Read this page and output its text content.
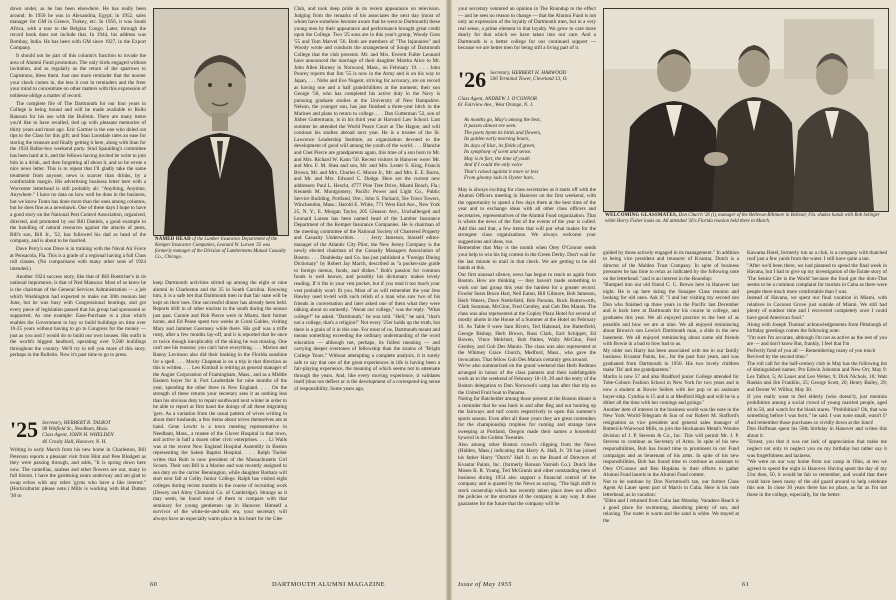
down under, as he has been elsewhere. He has really been around: In 1950 he was in Alexandria, Egypt; in 1952, sales manager for GM in Greece, Turkey, etc. In 1956, it was South Africa, with a tour to the Belgian Congo. Later, through the record book does not include that. In 1944, his address was Bombay, India. He has been with GM since 1927, in the Export Company.

It should not be part of this column's function to invade the area of Alumni Fund promotion. The only birds engaged without invitation, and as regularly as the return of the sparrows to Capistrano, bless them. Just one more reminder that the nooner your check comes in, the less it cost in reminders and the freer your mind to concentrate on other matters with this expression of noblesse oblige a matter of record.

The complete file of The Dartmouth for our four years in College is being bound and will be made available to Rollo Ransom for his use with the Bulletin. There are many items you'd like to have recalled, tied up with pleasant memories of thirty years and more ago. Eric Gartner is the one who doled out tips to the Class for this gift; and Stan Lonsdale rates an ease for storing the treasure and finally getting it here, along with Stan for the 1924 Ballot-box weekend party. Stud Spaulding's committee has been hard at it, and the fellows having invited be write to join him in a drink, and then forgetting all about it, and so he wrote a nice news letter. This is to repeat that I'll gladly take the same treatment from anyone; news is scarcer than drinks, by a comfortable margin. His advertising business letter here with a Worcester letterhead is still probably ah: "Anything, Anytime, Anywhere." I have no data on how well he does in the business, but we know Tonto has done more than the ones among columns, but he does fine as a newshawk. One of these days I hope to have a good story on the National Pest Control Association, organized, directed, and promoted by our Bill Daniels, a good example in the handling of natural resources against the attacks of pests, Bill's son, Bill Jr., '52, has followed his dad as head of the company, and is about to be married.

Dave Perry's son Dave is in training with the Naval Air Force at Pensacola, Fla. This is a grade of a regional having a full Class roll classes. (No comparisons with many other sons of 1924 intended.)

Another 1924 success story, like that of Bill Boettcher's in its national importance, is that of Ned Mansour. Most of us knew he is the chairman of the General Services Administration — a job which Washington had expected to make out 30th reunion last June, but he was busy with Congressional hearings, and got every piece of legislation passed that his group had sponsored or supported. As one example: Ease-Purchase is a plan which enables the Government to buy or build buildings on time over 10-25 years without having to go to Congress for the money — just as you and I would do to build our own houses. His outfit is the world's biggest landlord, operating over 9,500 buildings throughout the country. We'll try to tell you more of this story, perhaps in the Bulletin. Now it's past time to go to press.

'25 Secretary, HERBERT R. TALBOT
98 Winfield St., Needham, Mass.
Class Agent, JOHN H. WHELDEN
46 Crosby Hall, Hanover, N. H.

Writing in early March from his new home in Charleston, Bill Peterson reports a pleasant visit from Hint and Pete Blodgett as they were passing through, and adds, "It is spring down here now. The camellias, azaleas and other flowers are out, many in full bloom. I have the gardening nears underway and am glad to swap echos with any other 'gyms who have a like interest." (Horticulturist please note.) Mills is working with Bud Dutton '30 to

NAMED HEAD of the Lumber Insurance Department of the Kemper Insurance Companies, Leonard W. Larsen '25 was formerly manager of the Division of Lumbermens Mutual Casualty Co., Chicago.

keep Dartmouth activities stirred up among the eight or nine alumni in Charleston and the 35 in South Carolina. Knowing him, it is a safe bet that Dartmouth men in that fair state will be kept on their toes. One successful dinner has already been held. Reports drift in of other tourists in the south during the season just past. Connie and Bob Pierce were in Miami, their former home, and Ed Pease spent two weeks at Coral Gables, visiting Mary and Jammer Guernsey while there. His golf was a trifle rusty, after a few months lay-off, and it is reported that he once or twice though inexplicably of the skiing he was missing. One can't see his reasons; you can't have everything. . . . Marion and Ranny Levinson also did their basking in the Florida sunshine for a spell. . . . Monty Chapman is on a trip in that direction as this is written. . . . Leo Kimball is retiring as general manager of the Angier Corporation of Framingham, Mass., and as a Middle Eastern buyer for it. Fort Lauderdale for nine months of the year, spending the other three in New England. . . . On the strength of these returns your secretary sees it as nothing less than his obvious duty to repair southward next winter in order to be able to report at first hand the doings of all these migrating 'gers. As a variation from the usual pattern of wives writing in about their husbands, a few items about wives themselves are at hand. Gene Lewitt is a town meeting representative in Needham, Mass., a trustee of the Glover Hospital in that town, and active in half a dozen other civic enterprises. . . . Li Walls was at the recent New England Hospital Assembly in Boston representing the Salem Baptist Hospital. . . . Ralph Tucker writes that Ruth is now president of the Massachusetts Girl Scouts. Their son Bill is a Marine and was recently assigned to sea duty on the carrier Bennington, while daughter Barbara will start next fall at Colby Junior College. Ralph has visited eight colleges during recent months in the course of recruiting work (Dewey and Almy Chemical Co. of Cambridge). Strange as it may seem, he found none of them to compare with that seminary for young gentlemen up in Hanover. Himself a survivor of the white-tie-and-tails era, your secretary will always have an especially warm place in his heart for the Glee

Club, and took deep pride in its recent appearance on television. Judging from the remarks of his associates the next day (most of whom have somehow become aware that he went to Dartmouth) these young men by their appearance and performance brought great credit upon the College. Two '25 sons are in this year's group, Woody Goss '55 and Tom Marvel '56. Both are members of "The Injunaires" and Woody wrote and conducts the arrangement of Songs of Dartmouth College that the club presents. Mr. and Mrs. Everett Fuller Leonard have announced the marriage of their daughter Martha Alice to Mr. John Allen Hurney in Norwood, Mass., on February 19. . . . John Poorey reports that Jim '55 is now in the Army and is on his way to Japan, . . . Nobs and Eve Nugent, striving for accuracy, are on record as having one and a half grandchildren at the moment; their son George '50, who has completed his active duty in the Navy is pursuing graduate studies at the University of New Hampshire. Nelson, the younger son, has just finished a three-year hitch in the Marines and plans to return to college. . . . Dan Gutterman '52, son of Jibber Guttermann, is in his third year at Harvard Law School. Last summer he attended the World Peace Court at The Hague; and will continue his studies abroad next year. He is a trustee of the St. Lawrence Leadership Institute, an organization devoted to the development of good will among the youth of the world. . . . Blanche and Chet Pierce are grandparents again, this time of a son born to Mr. and Mrs. Richard W. Kann '50. Recent visitors in Hanover were: Mr. and Mrs. F. M. Shea and son, Mr. and Mrs. Lester S. King, Francis Brown, Mr. and Mrs. Charles C. Moore Jr., Mr. and Mrs. E. E. Burns, and Mr. and Mrs. Edward C. Dodge. Here are the current new addresses: Paul L. Hescht, 4777 Pine Tree Drive, Miami Beach, Fla.; Kenneth M. Montgomery, Pacific Power and Light Co., Public Service Building, Portland, Ore.; John S. Packard, Tee Town Towers, Winchendon, Mass.; Harold E. White, 771 West End Ave., New York 25, N. Y.; E. Morgan Taylor, 205 Gleason Ave., Unchallenged and Leonard Larsen has been named head of the Lumber Insurance Department of the Kemper Insurance Companies. He is chairman of the meeting committee of the National Society of Chartered Property and Casualty Underwriters. . . . Jerry Jameson, himself editor-manager of the Atlantic City Pilot, the New Jersey Company is the newly elected chairman of the Casualty Managers Association of Boston. . . . Doubleday and Co. has just published a "Foreign Dining Dictionary" by Robert Jay March, described as "a pocket-size guide to foreign menus, foods, and dishes." Bob's passion for common foods is well known, and possibly his dictionary makes lovely reading. If it fits in your vest pocket, but if you read it too much your vest probably won't fit you. Most of us will remember the year Jess Hawley used to-tell with such relish of a man who saw two of his friends in conversation and later asked one of them what they were talking about so earnestly. "About our college," was the reply. "What college?" he asked. "Dartmouth," he was told. "Hell," he said, "that's not a college, that's a religion!" Not every '25er holds up the truth, but there is a grain of it in this one. For most of us, Dartmouth meant and means something exceeding the ordinary understanding of the word education — although not, perhaps, its fullest meaning — and carrying deeper overtones of fellowship than the strains of "Bright College Years." Without attempting a complete analysis, it is surely safe to say that one of the great experiences in life is having been a fair-playing experience, the meaning of which seems not to attenuate through the years. And, like every moving experience, it validates itself (thus not deflect or is the development of a correspond-ing sense of responsibility. Some years ago,

60	DARTMOUTH ALUMNI MAGAZINE

your secretary ventured an opinion in The Roundup to the effect — and he sees no reason to change — that the Alumni Fund is not only an expression of the loyalty of Dartmouth men, but in a very real sense, a prime element in that loyalty. We grow to care more dearly for that which we have taken into our care. And a Dartmouth is a better college for our continued support — because we are better men for being still a living part of it.

'26 Secretary, HERBERT H. HARWOOD
500 Terminal Tower, Cleveland 13, O.
Class Agent, ANDREW J. O'CONNOR
61 Fairview Ave., West Orange, N. J.

As months go, May's among the best,
It passes almost ere seen.
The poets hymn its birds and flowers,
Its golden early morning hours,
Its days of lilac, its fields of green,
Its symphony of scent and sense.
May is in fact, the time of youth
And if I could the only voice
That's raised against it more or less
From gloomy lads in Oyster bars.

May is always exciting for class secretaries as it starts off with the Alumni Officers meeting in Hanover on the first weekend, with the opportunity to spend a few days there at the best time of the year and to exchange ideas with all other class officers and secretaries, representatives of the Alumni Fund organization. That is where the news of the first of the events of the year is culled. Add this and that, a few items that will put what makes for the strongest class organizations. We always welcome your suggestions and ideas, too.
Remember that May is the month when Otey O'Connor sends your help to win his big contest in the Green Derby. Don't wait for the last minute to mail in that check. We are getting to be old hands at this.
Our first unusual silence, news has begun to reach us again from Boston. How are thinking — they haven't made something to work our last group this year the hardest for a greater record. Fowler Sears Bruce Hart, Neil Eaton, Bill Gilmore, Bob Jameson, Herb Waters, Dave Nettlefield, Bob Parsons, Buck Butterworth, Clark Soraman, McGinn, Fred Gentley, and Gob Des Marais. The class was also represented at the Copley Plaza Hotel for several of mostly alums in the House of a Summer at the Hotel on February 16. As Table 8 were Sam Rivers, Ted Halstead, Joe Butterfield, George Bishop, Herb Brown, Russ Clark, Earl Schipper, Ed Bowen, Vince Melchert, Bob Patten, Wally McGinn, Fred Gentley, and Gob Des Marais. The class was also represented at the Whitney Grace Church, Medford, Mass., who gave the invocation. That fellow Gob Des Marais certainly gets around.
We've also summarized on the grand weekend that Herb Redmon arranged in honor of the class painters and their indefatigable work as to the weekend of February 18-19, 20 and the entry of the Boston delegation to Don Norwood's camp has after that trip on the United Fruit boat to Panama.
Noting for Batchelder among those present at the Boston dinner is a reminder that he was back in and after Reg and our hunting up the fairways and turf courts respectively to open this summer's sports season. Even after all these years they are great contenders for the championship trophies for coming and strange have sweeping at Portland, Oregon made their names a household byword in the Golden Twenties.
Also among other Boston crowd's clipping from the News (Hidden, Mass.) indicating that Harry A. Hall, Jr. '26 has joined his father Harry "Dutch" Hall Jr. on the Board of Directors of Kvantar Paints, Inc. (formerly Ronson Varnish Co.). Dutch like Moses B. R. Young, Ted McGinnis and other outstanding men of business during 1954 also support a financial control of the company and is quoted by the News as saying, "The high shift in stock ownership which has recently taken place does not affect the policies or the structure of the company in any way. It does guarantee for the future that the company will be

WELCOMING GLASSMATES, Don Church '26 (l), manager of the Bellevue-Biltmore in Belleair, Fla. shakes hands with Bob Selinger while Harry Fisher looks on. All attended '26's Florida reunion held there in March.

guided by those actively engaged in its management." In addition to being vice president and treasurer of Kvantar, Dutch is a director of the Malden Trust Company. In spite of business pressures he has time to relax as indicated by the following note on the letterhead: "and is an interest in the Roundup:
"Bumped into our old friend C. C. Brown here in Hanover last night. He is up here skiing the Sunapee Class reunion and looking for old ones. Ask if: "I and her visiting my second son Don who finished up three years in the Pacific last December and is back here at Dartmouth for his course in college, and graduates this year. We all enjoyed practice to the best of as possible and how we are at nine. We all enjoyed reminiscing about Brown's son Lewis's Dartmouth man, a slide in the new basement. We all enjoyed reminiscing about some old friends with Bowie in a bad to bow bad to as.
My older son Harry has been associated with me in our family business. Kvantar Paints, Inc., for the past four years, and was graduated from Dartmouth in 1950. His two lovely children make 'Da' and me grandparents."
Marlin is now 57 and also Bradford junior College attended for Tobe-Coburn Fashion School in New York for two years and is now a student at Bowie Sellers with her pop or an assistant buyer-ship. Cynthia is 15 and is at Medford High and will be in a dither all the time with her comings and goings."
Another item of interest in the business world was the note in the New York World-Telegram & Sun of our Robert M. Stafford's resignation as vice president and general sales manager of Butterick-Warwood Mills, to join the Hockanum Metal's Woolen division of J. P. Stevens & Co., Inc. This will permit Mr. J. P. Stevens to continue as Secretary of Arms. In spite of his new responsibilities, Bob has found time to prominent in our Fund campaigns and as lieutenant of his arms. In spite of his new responsibilities, Bob has found time to continue as assistant to Otey O'Connor and Ben Hopkins to their efforts to gather Alumni Fund laurels in the Alumni Fund contest.
Not to be outdone by Don Norntrood's tan, our former Class Agent Al Lauer spent part of March in Cuba. Here is his note letterhead, as in vacation:
"Ellen and I returned from Cuba last Monday. Varadero Beach is a good place for swimming, absorbing plenty of sun, and relaxing. The water is warm and the sand is white. We stayed at the

Kawama Hotel, formerly run as a club, is a company with thatched roof just a few yards from the water. I still have quite a tan.
"After we'd been there, we had planned to spend the final week in Havana, but I had to give up my investigation of the Estate story of 'The Senior Cite is the World' because the food got the dom-That seems to be a common complaint for tourists in Cuba as there were people there much more comfortable than I was.
Instead of Havana, we spent our final vacation in Miami, with relatives in Coconut Grove just outside of Miami. We still had plenty of outdoor time and I recovered completely once I could have good American food."
Along with Joseph Thomas' acknowledgements from Pittsburgh of birthday greetings comes the following note:
"I'm sure I'm accurate, although I'm not as active as the rest of you are — and don't know But, frankly, I feel that I'm
Perfectly fond of you all — Remembering many of you much
Revived by the second time."
The roll call for the half-century club in May has the following list of distinguished names: Pro Edwin Johnston and New Orr, May 9: Les Talbot, 5; Al Lauer and Leo Weber, 9; Dick Nichols, 10; Walt Rankin and Jim Franklin, 25; George Scott, 20; Henry Bailey, 29; and Dexter W. Wilbur, May 30.
If you really want to feel elderly (who doesn't), just mention prohibition among a social crowd of young married people, aged 40 to 50, and watch for the blank stares. "Prohibition? Oh, that was something before I was born," he said. I was none small, wasn't I? And remember those purchases so vividly down at the Junct!
Don Hoffman spent his 50th birthday in Hanover and writes this about it:
"Ernest, you that it was not lack of appreciation that make me neglect not only to neglect you on my birthday but rather say it was forgetfulness and laziness.
"We were on our way home from our camp in Ohio, at ten we agreed to spend the night in Hanover. Having spent the day of my 21st then, 50, it would be fair to remember, and would that there could have been many of the old guard around to help celebrate this one. In close 30 years there has no place, as far as I'm not those in the college, especially, for the better.

Issue of May 1955	61
